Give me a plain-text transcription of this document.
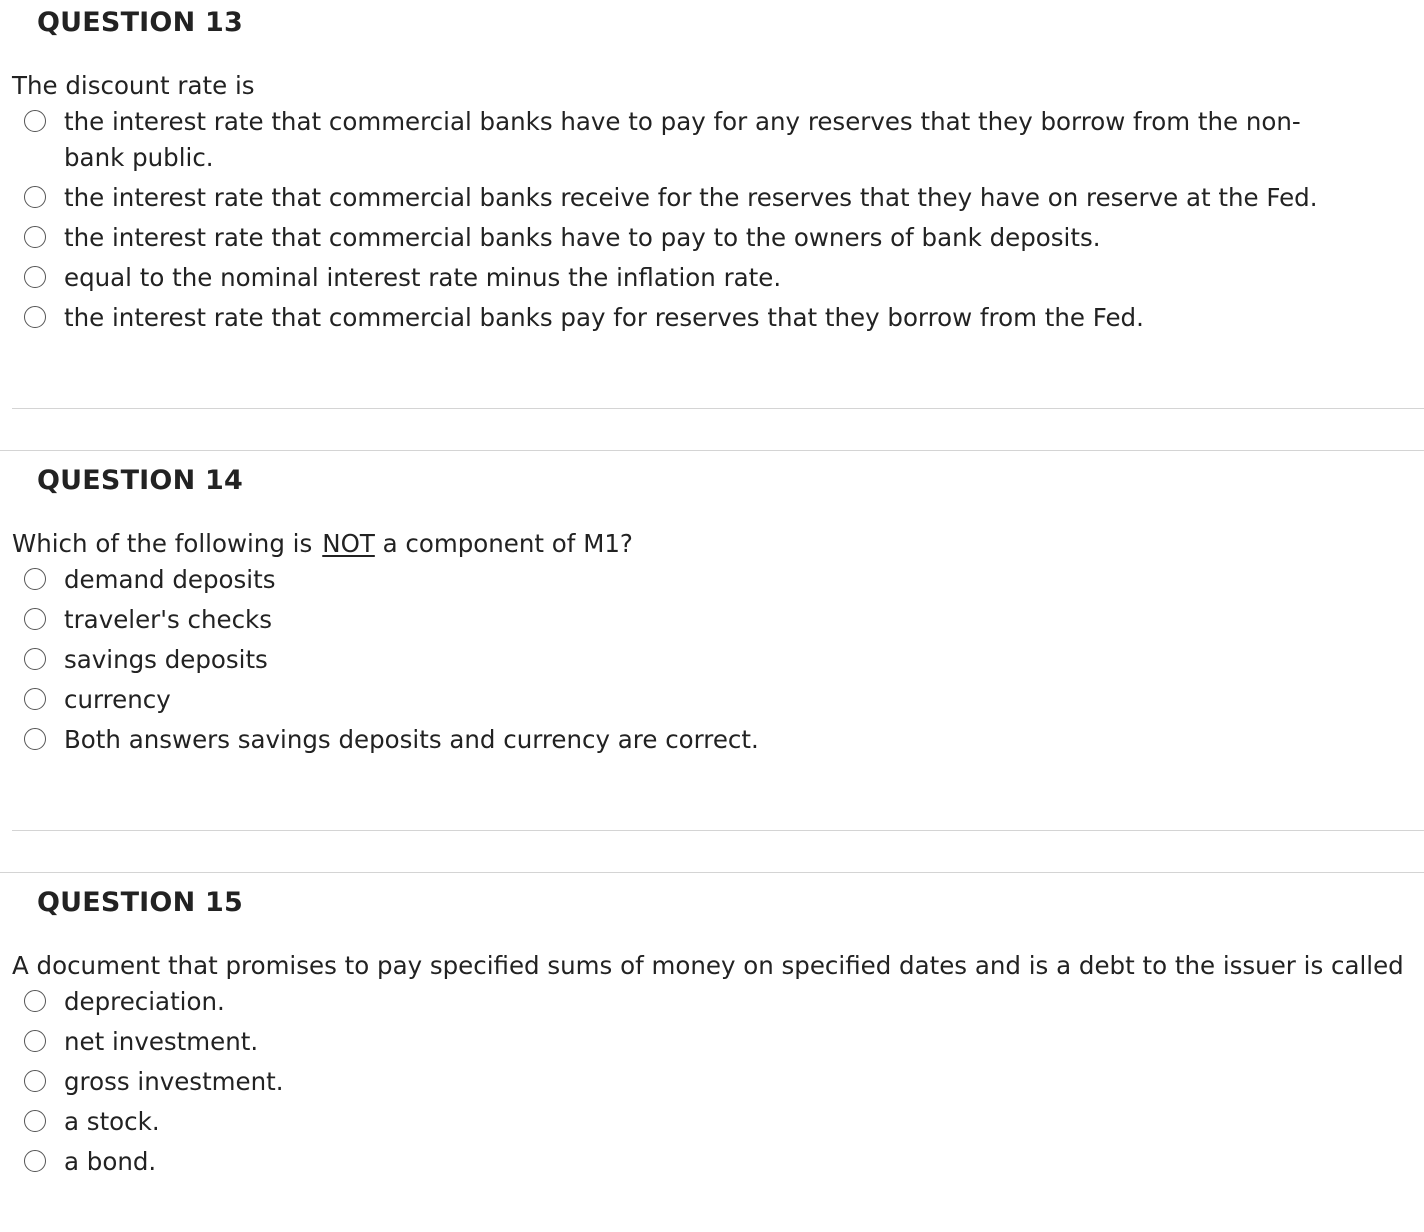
QUESTION 13
The discount rate is
the interest rate that commercial banks have to pay for any reserves that they borrow from the non-bank public.
the interest rate that commercial banks receive for the reserves that they have on reserve at the Fed.
the interest rate that commercial banks have to pay to the owners of bank deposits.
equal to the nominal interest rate minus the inflation rate.
the interest rate that commercial banks pay for reserves that they borrow from the Fed.
QUESTION 14
Which of the following is NOT a component of M1?
demand deposits
traveler's checks
savings deposits
currency
Both answers savings deposits and currency are correct.
QUESTION 15
A document that promises to pay specified sums of money on specified dates and is a debt to the issuer is called
depreciation.
net investment.
gross investment.
a stock.
a bond.
